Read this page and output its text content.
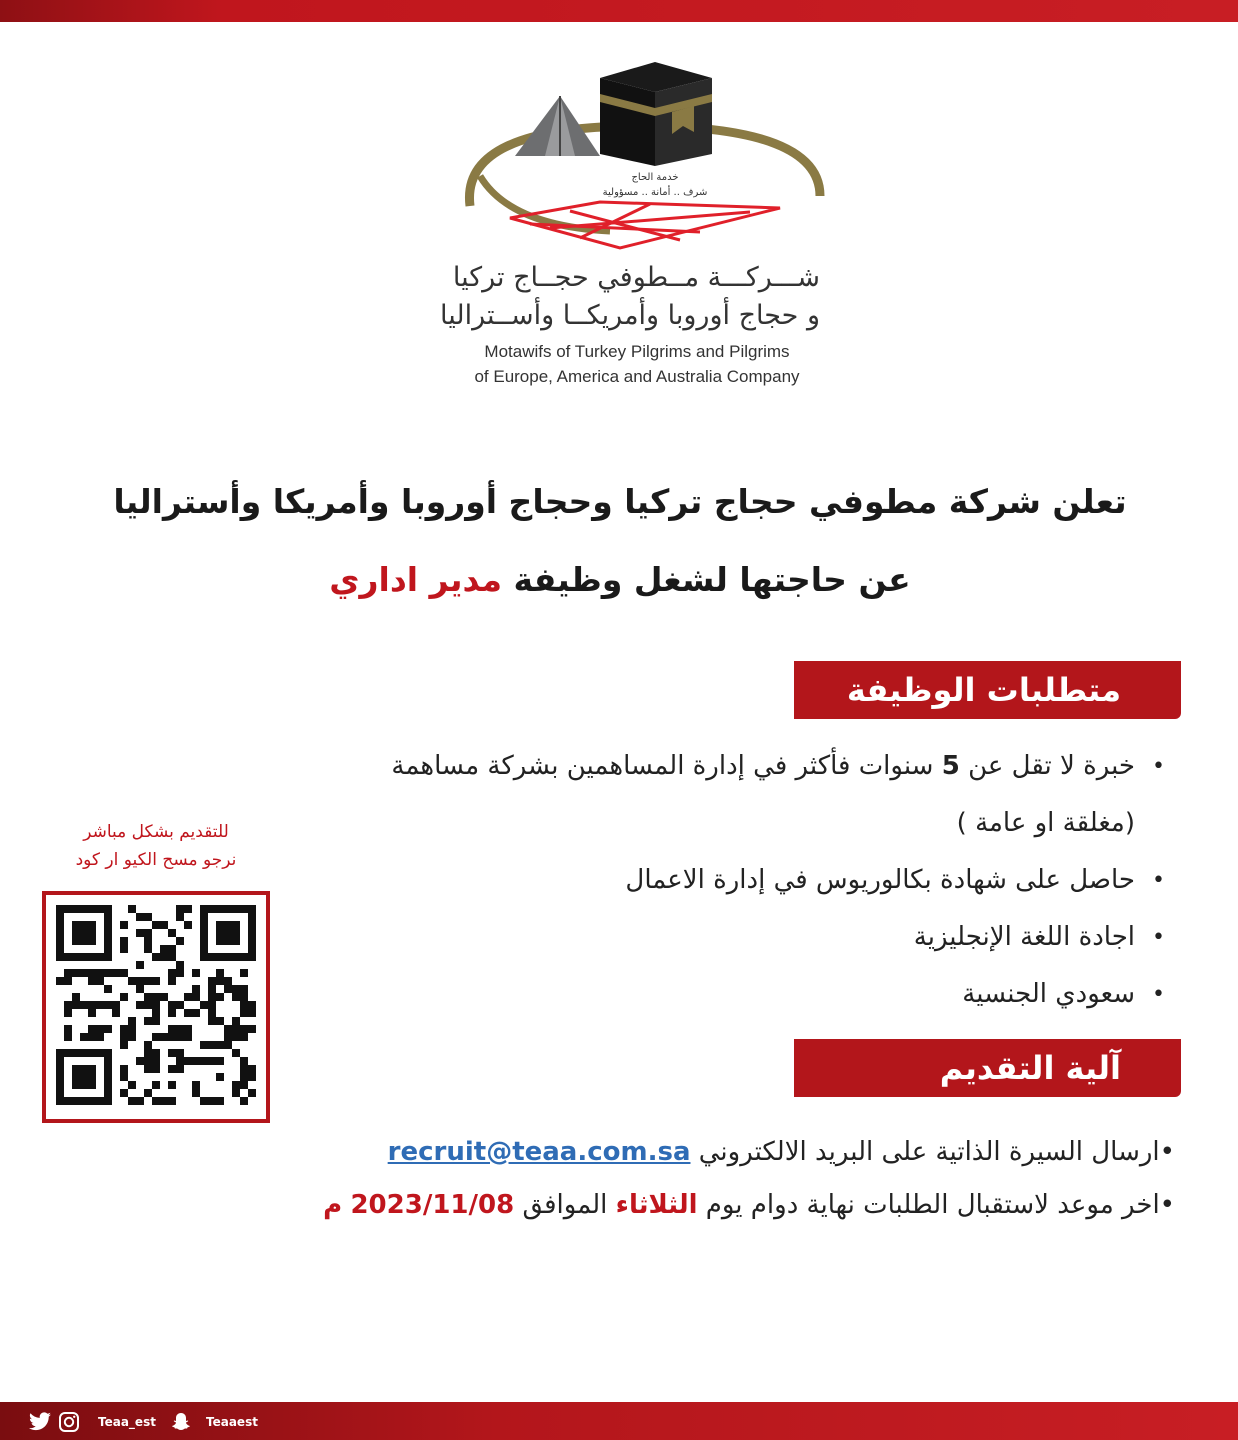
خدمة الحاج
شرف .. أمانة .. مسؤولية
شـــركـــة مــطوفي حجــاج تركيا
و حجاج أوروبا وأمريكــا وأســتراليا
Motawifs of Turkey Pilgrims and Pilgrims
of Europe, America and Australia Company
تعلن شركة مطوفي حجاج تركيا وحجاج أوروبا وأمريكا وأستراليا
عن حاجتها لشغل وظيفة مدير اداري
متطلبات الوظيفة
•
خبرة لا تقل عن 5 سنوات فأكثر في إدارة المساهمين بشركة مساهمة
(مغلقة او عامة )
•
حاصل على شهادة بكالوريوس في إدارة الاعمال
•
اجادة اللغة الإنجليزية
•
سعودي الجنسية
للتقديم بشكل مباشر
نرجو مسح الكيو ار كود
آلية التقديم
•ارسال السيرة الذاتية على البريد الالكتروني recruit@teaa.com.sa
•اخر موعد لاستقبال الطلبات نهاية دوام يوم الثلاثاء الموافق 2023/11/08 م
Teaa_est	Teaaest
